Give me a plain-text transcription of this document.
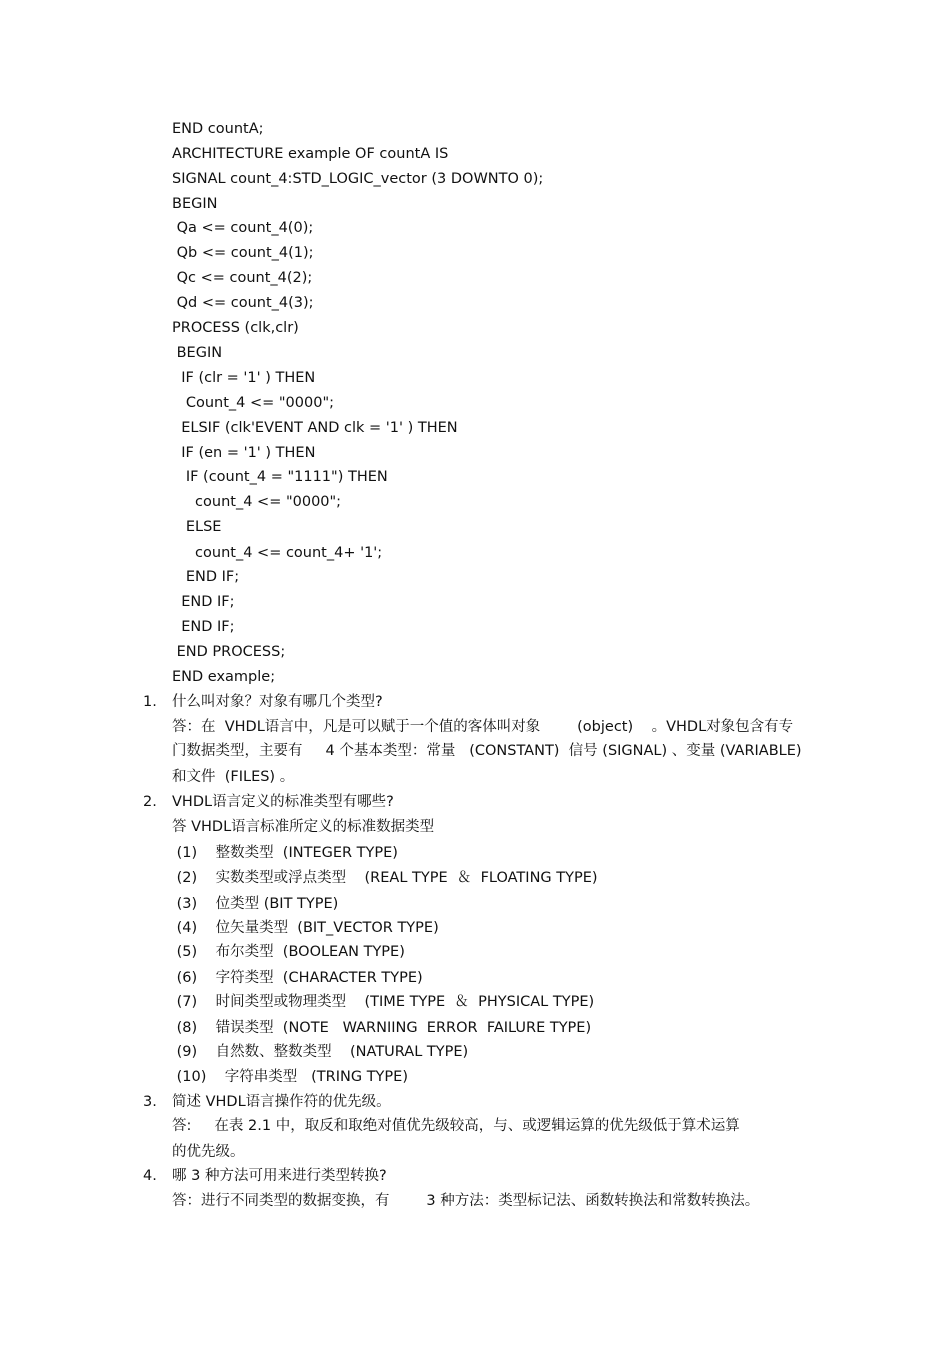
END countA;
ARCHITECTURE example OF countA IS
SIGNAL count_4:STD_LOGIC_vector (3 DOWNTO 0);
BEGIN
Qa <= count_4(0);
Qb <= count_4(1);
Qc <= count_4(2);
Qd <= count_4(3);
PROCESS (clk,clr)
BEGIN
IF (clr = '1' ) THEN
Count_4 <= "0000";
ELSIF (clk'EVENT AND clk = '1' ) THEN
IF (en = '1' ) THEN
IF (count_4 = "1111") THEN
count_4 <= "0000";
ELSE
count_4 <= count_4+ '1';
END IF;
END IF;
END IF;
END PROCESS;
END example;
1. 什么叫对象？对象有哪几个类型?
答：在  VHDL语言中，凡是可以赋于一个值的客体叫对象        (object)    。VHDL对象包含有专
门数据类型，主要有     4 个基本类型：常量   (CONSTANT)  信号 (SIGNAL) 、变量 (VARIABLE)
和文件  (FILES) 。
2. VHDL语言定义的标准类型有哪些?
答 VHDL语言标准所定义的标准数据类型
(1)    整数类型  (INTEGER TYPE)
(2)    实数类型或浮点类型    (REAL TYPE  ＆  FLOATING TYPE)
(3)    位类型 (BIT TYPE)
(4)    位矢量类型  (BIT_VECTOR TYPE)
(5)    布尔类型  (BOOLEAN TYPE)
(6)    字符类型  (CHARACTER TYPE)
(7)    时间类型或物理类型    (TIME TYPE  ＆  PHYSICAL TYPE)
(8)    错误类型  (NOTE   WARNIING  ERROR  FAILURE TYPE)
(9)    自然数、整数类型    (NATURAL TYPE)
(10)    字符串类型   (TRING TYPE)
3. 简述 VHDL语言操作符的优先级。
答:     在表 2.1 中，取反和取绝对值优先级较高，与、或逻辑运算的优先级低于算术运算
的优先级。
4. 哪 3 种方法可用来进行类型转换?
答：进行不同类型的数据变换，有        3 种方法：类型标记法、函数转换法和常数转换法。
